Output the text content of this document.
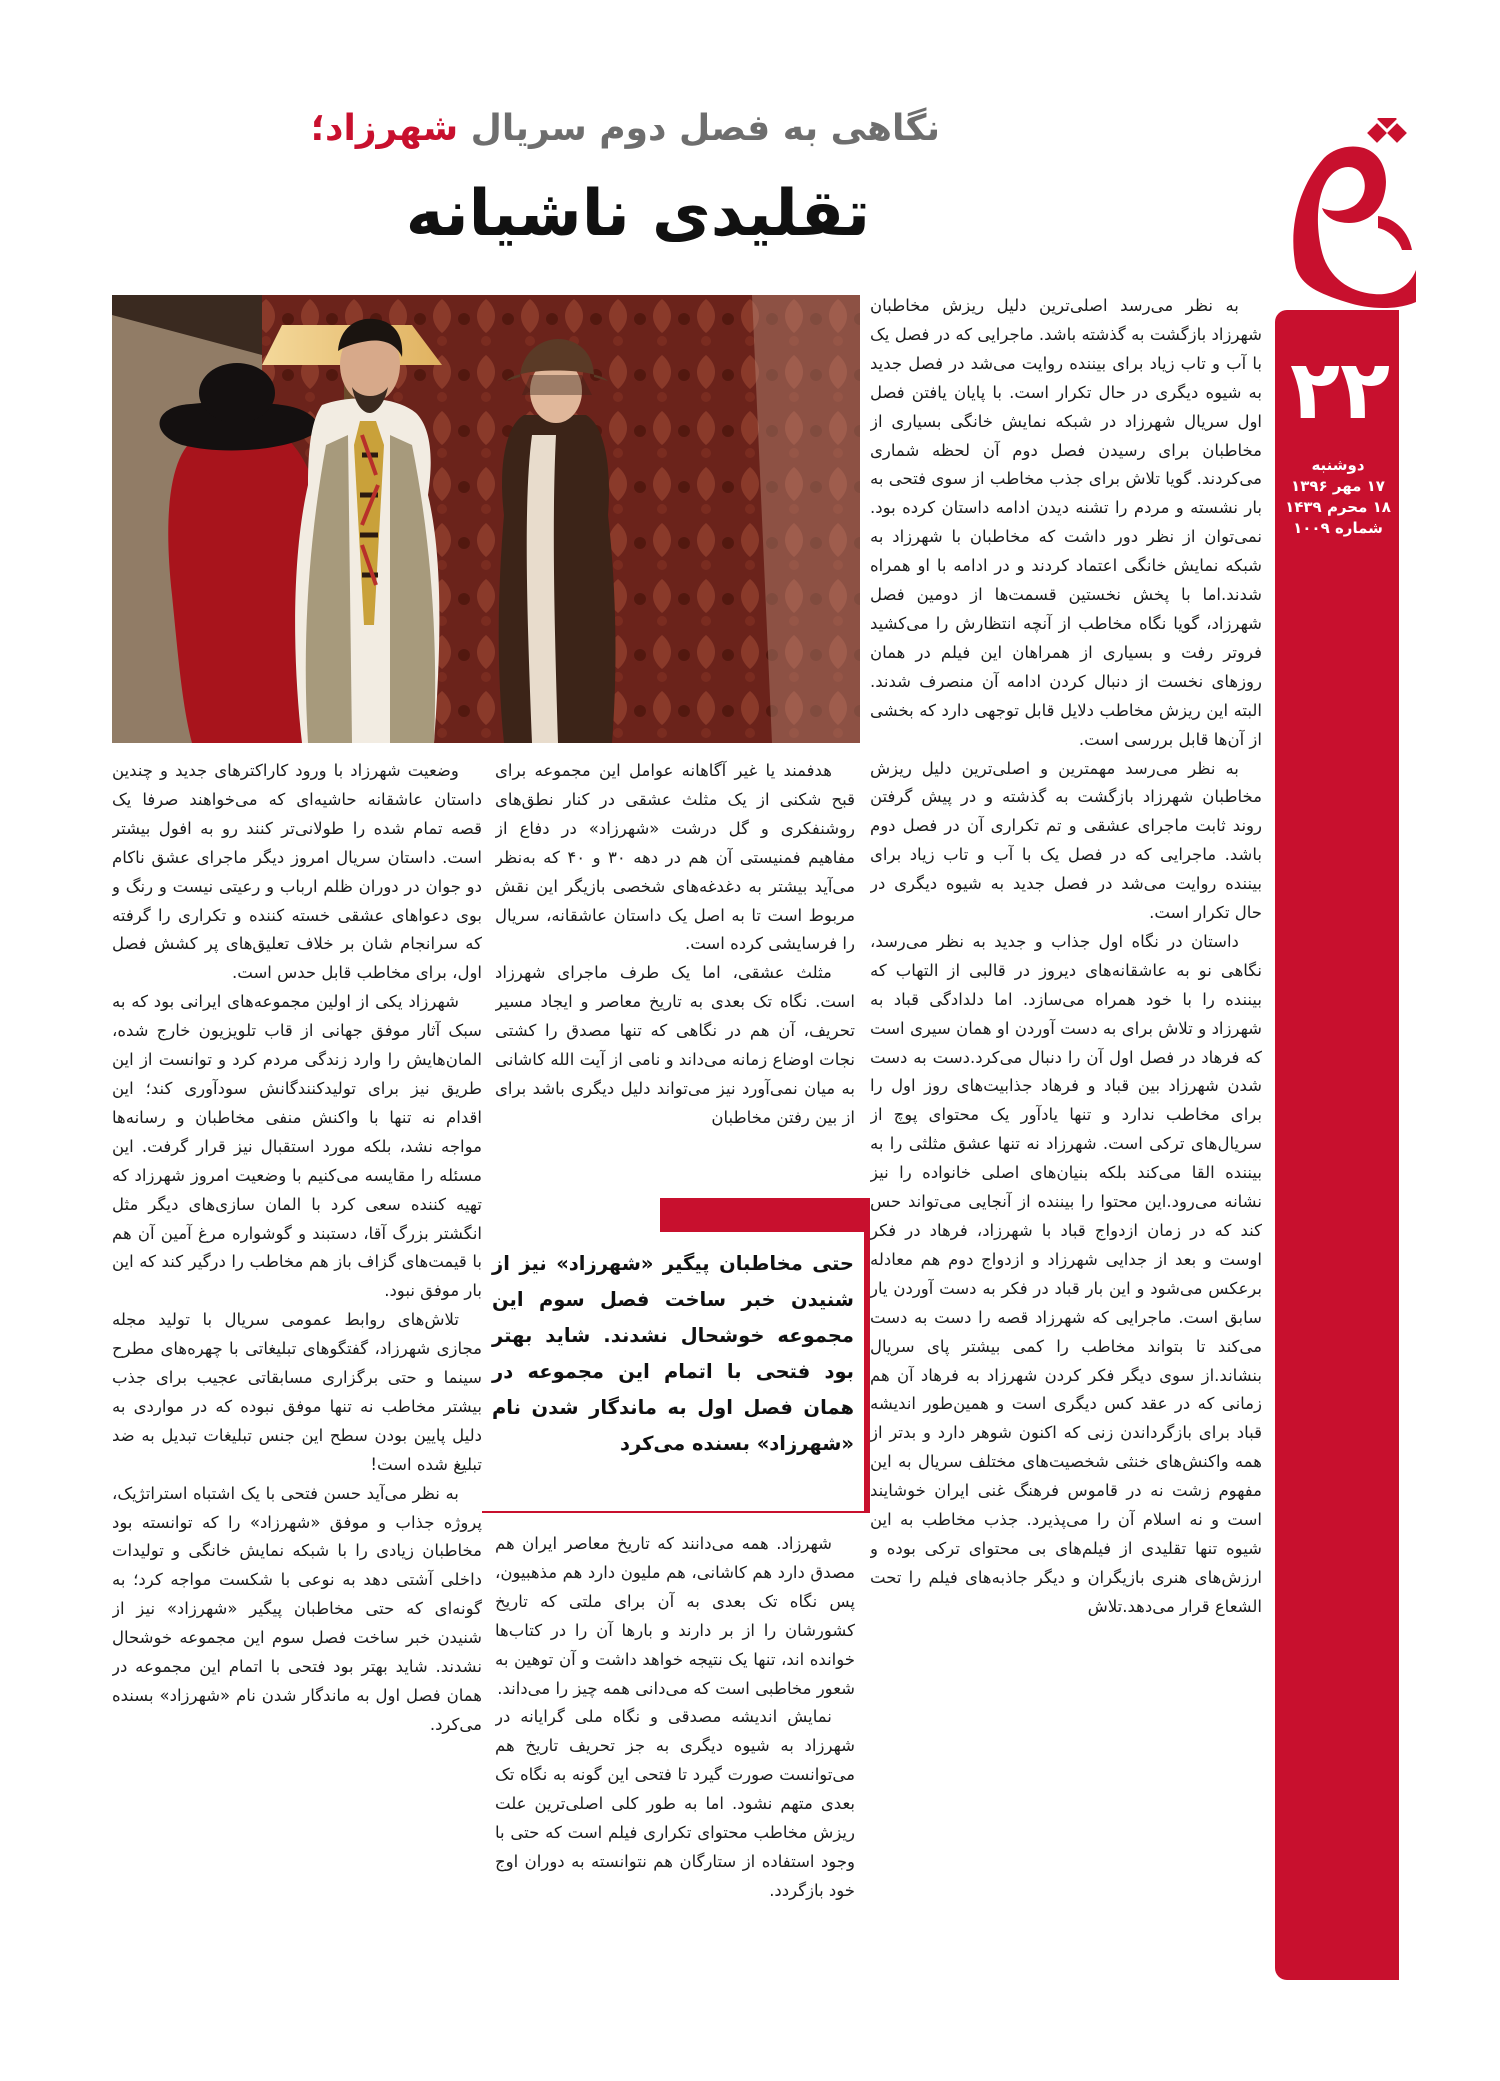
۲۲
دوشنبه
۱۷ مهر ۱۳۹۶
۱۸ محرم ۱۴۳۹
شماره ۱۰۰۹
نگاهی به فصل دوم سریال شهرزاد؛
تقلیدی ناشیانه

به نظر می‌رسد اصلی‌ترین دلیل ریزش مخاطبان شهرزاد بازگشت به گذشته باشد. ماجرایی که در فصل یک با آب و تاب زیاد برای بیننده روایت می‌شد در فصل جدید به شیوه دیگری در حال تکرار است. با پایان یافتن فصل اول سریال شهرزاد در شبکه نمایش خانگی بسیاری از مخاطبان برای رسیدن فصل دوم آن لحظه شماری می‌کردند. گویا تلاش برای جذب مخاطب از سوی فتحی به بار نشسته و مردم را تشنه دیدن ادامه داستان کرده بود. نمی‌توان از نظر دور داشت که مخاطبان با شهرزاد به شبکه نمایش خانگی اعتماد کردند و در ادامه با او همراه شدند.اما با پخش نخستین قسمت‌ها از دومین فصل شهرزاد، گویا نگاه مخاطب از آنچه انتظارش را می‌کشید فروتر رفت و بسیاری از همراهان این فیلم در همان روزهای نخست از دنبال کردن ادامه آن منصرف شدند. البته این ریزش مخاطب دلایل قابل توجهی دارد که بخشی از آن‌ها قابل بررسی است.

به نظر می‌رسد مهمترین و اصلی‌ترین دلیل ریزش مخاطبان شهرزاد بازگشت به گذشته و در پیش گرفتن روند ثابت ماجرای عشقی و تم تکراری آن در فصل دوم باشد. ماجرایی که در فصل یک با آب و تاب زیاد برای بیننده روایت می‌شد در فصل جدید به شیوه دیگری در حال تکرار است.

داستان در نگاه اول جذاب و جدید به نظر می‌رسد، نگاهی نو به عاشقانه‌های دیروز در قالبی از التهاب که بیننده را با خود همراه می‌سازد. اما دلدادگی قباد به شهرزاد و تلاش برای به دست آوردن او همان سیری است که فرهاد در فصل اول آن را دنبال می‌کرد.دست به دست شدن شهرزاد بین قباد و فرهاد جذابیت‌های روز اول را برای مخاطب ندارد و تنها یادآور یک محتوای پوچ از سریال‌های ترکی است. شهرزاد نه تنها عشق مثلثی را به بیننده القا می‌کند بلکه بنیان‌های اصلی خانواده را نیز نشانه می‌رود.این محتوا را بیننده از آنجایی می‌تواند حس کند که در زمان ازدواج قباد با شهرزاد، فرهاد در فکر اوست و بعد از جدایی شهرزاد و ازدواج دوم هم معادله برعکس می‌شود و این بار قباد در فکر به دست آوردن یار سابق است. ماجرایی که شهرزاد قصه را دست به دست می‌کند تا بتواند مخاطب را کمی بیشتر پای سریال بنشاند.از سوی دیگر فکر کردن شهرزاد به فرهاد آن هم زمانی که در عقد کس دیگری است و همین‌طور اندیشه قباد برای بازگرداندن زنی که اکنون شوهر دارد و بدتر از همه واکنش‌های خنثی شخصیت‌های مختلف سریال به این مفهوم زشت نه در قاموس فرهنگ غنی ایران خوشایند است و نه اسلام آن را می‌پذیرد. جذب مخاطب به این شیوه تنها تقلیدی از فیلم‌های بی محتوای ترکی بوده و ارزش‌های هنری بازیگران و دیگر جاذبه‌های فیلم را تحت الشعاع قرار می‌دهد.تلاش

هدفمند یا غیر آگاهانه عوامل این مجموعه برای قبح شکنی از یک مثلث عشقی در کنار نطق‌های روشنفکری و گل درشت «شهرزاد» در دفاع از مفاهیم فمنیستی آن هم در دهه ۳۰ و ۴۰ که به‌نظر می‌آید بیشتر به دغدغه‌های شخصی بازیگر این نقش مربوط است تا به اصل یک داستان عاشقانه، سریال را فرسایشی کرده است.

مثلث عشقی، اما یک طرف ماجرای شهرزاد است. نگاه تک بعدی به تاریخ معاصر و ایجاد مسیر تحریف، آن هم در نگاهی که تنها مصدق را کشتی نجات اوضاع زمانه می‌داند و نامی از آیت الله کاشانی به میان نمی‌آورد نیز می‌تواند دلیل دیگری باشد برای از بین رفتن مخاطبان

حتی مخاطبان پیگیر «شهرزاد» نیز از شنیدن خبر ساخت فصل سوم این مجموعه خوشحال نشدند. شاید بهتر بود فتحی با اتمام این مجموعه در همان فصل اول به ماندگار شدن نام «شهرزاد» بسنده می‌کرد

شهرزاد. همه می‌دانند که تاریخ معاصر ایران هم مصدق دارد هم کاشانی، هم ملیون دارد هم مذهبیون، پس نگاه تک بعدی به آن برای ملتی که تاریخ کشورشان را از بر دارند و بارها آن را در کتاب‌ها خوانده اند، تنها یک نتیجه خواهد داشت و آن توهین به شعور مخاطبی است که می‌دانی همه چیز را می‌داند.

نمایش اندیشه مصدقی و نگاه ملی گرایانه در شهرزاد به شیوه دیگری به جز تحریف تاریخ هم می‌توانست صورت گیرد تا فتحی این گونه به نگاه تک بعدی متهم نشود. اما به طور کلی اصلی‌ترین علت ریزش مخاطب محتوای تکراری فیلم است که حتی با وجود استفاده از ستارگان هم نتوانسته به دوران اوج خود بازگردد.

وضعیت شهرزاد با ورود کاراکترهای جدید و چندین داستان عاشقانه حاشیه‌ای که می‌خواهند صرفا یک قصه تمام شده را طولانی‌تر کنند رو به افول بیشتر است. داستان سریال امروز دیگر ماجرای عشق ناکام دو جوان در دوران ظلم ارباب و رعیتی نیست و رنگ و بوی دعواهای عشقی خسته کننده و تکراری را گرفته که سرانجام شان بر خلاف تعلیق‌های پر کشش فصل اول، برای مخاطب قابل حدس است.

شهرزاد یکی از اولین مجموعه‌های ایرانی بود که به سبک آثار موفق جهانی از قاب تلویزیون خارج شده، المان‌هایش را وارد زندگی مردم کرد و توانست از این طریق نیز برای تولیدکنندگانش سودآوری کند؛ این اقدام نه تنها با واکنش منفی مخاطبان و رسانه‌ها مواجه نشد، بلکه مورد استقبال نیز قرار گرفت. این مسئله را مقایسه می‌کنیم با وضعیت امروز شهرزاد که تهیه کننده سعی کرد با المان سازی‌های دیگر مثل انگشتر بزرگ آقا، دستبند و گوشواره مرغ آمین آن هم با قیمت‌های گزاف باز هم مخاطب را درگیر کند که این بار موفق نبود.

تلاش‌های روابط عمومی سریال با تولید مجله مجازی شهرزاد، گفتگوهای تبلیغاتی با چهره‌های مطرح سینما و حتی برگزاری مسابقاتی عجیب برای جذب بیشتر مخاطب نه تنها موفق نبوده که در مواردی به دلیل پایین بودن سطح این جنس تبلیغات تبدیل به ضد تبلیغ شده است!

به نظر می‌آید حسن فتحی با یک اشتباه استراتژیک، پروژه جذاب و موفق «شهرزاد» را که توانسته بود مخاطبان زیادی را با شبکه نمایش خانگی و تولیدات داخلی آشتی دهد به نوعی با شکست مواجه کرد؛ به گونه‌ای که حتی مخاطبان پیگیر «شهرزاد» نیز از شنیدن خبر ساخت فصل سوم این مجموعه خوشحال نشدند. شاید بهتر بود فتحی با اتمام این مجموعه در همان فصل اول به ماندگار شدن نام «شهرزاد» بسنده می‌کرد.
